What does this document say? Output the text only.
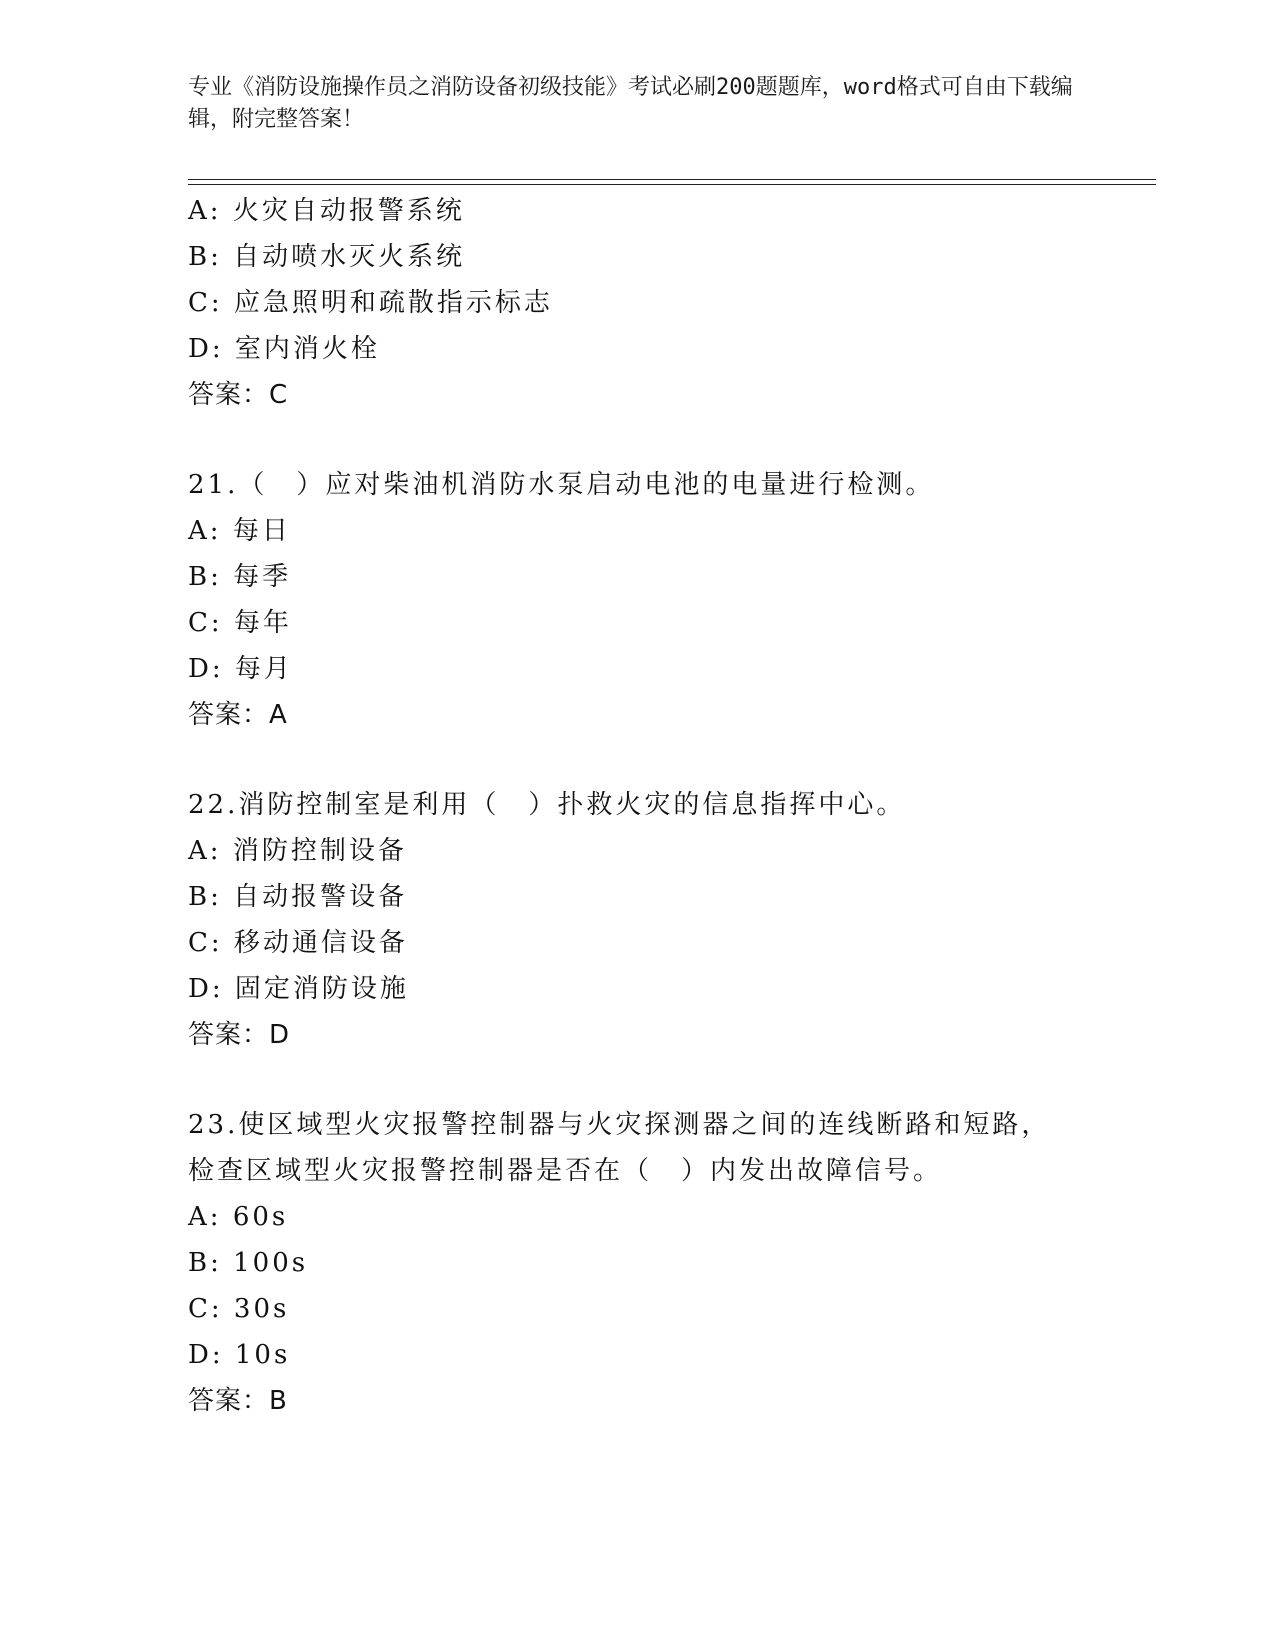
专业《消防设施操作员之消防设备初级技能》考试必刷200题题库，word格式可自由下载编辑，附完整答案！
A: 火灾自动报警系统
B: 自动喷水灭火系统
C: 应急照明和疏散指示标志
D: 室内消火栓
答案：C
21.（　）应对柴油机消防水泵启动电池的电量进行检测。
A: 每日
B: 每季
C: 每年
D: 每月
答案：A
22.消防控制室是利用（　）扑救火灾的信息指挥中心。
A: 消防控制设备
B: 自动报警设备
C: 移动通信设备
D: 固定消防设施
答案：D
23.使区域型火灾报警控制器与火灾探测器之间的连线断路和短路，检查区域型火灾报警控制器是否在（　）内发出故障信号。
A: 60s
B: 100s
C: 30s
D: 10s
答案：B
